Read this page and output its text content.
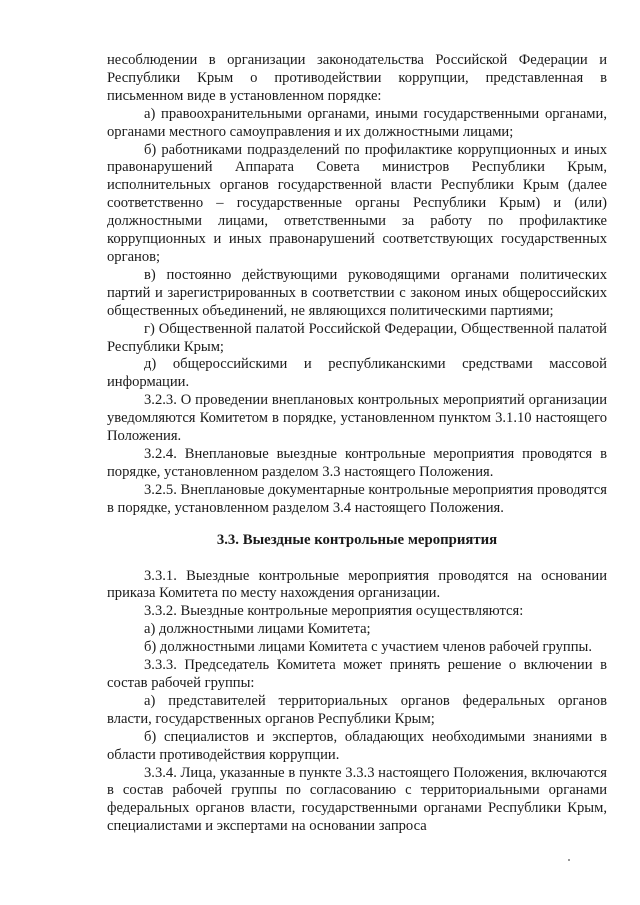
несоблюдении в организации законодательства Российской Федерации и Республики Крым о противодействии коррупции, представленная в письменном виде в установленном порядке:

а) правоохранительными органами, иными государственными органами, органами местного самоуправления и их должностными лицами;

б) работниками подразделений по профилактике коррупционных и иных правонарушений Аппарата Совета министров Республики Крым, исполнительных органов государственной власти Республики Крым (далее соответственно – государственные органы Республики Крым) и (или) должностными лицами, ответственными за работу по профилактике коррупционных и иных правонарушений соответствующих государственных органов;

в) постоянно действующими руководящими органами политических партий и зарегистрированных в соответствии с законом иных общероссийских общественных объединений, не являющихся политическими партиями;

г) Общественной палатой Российской Федерации, Общественной палатой Республики Крым;

д) общероссийскими и республиканскими средствами массовой информации.

3.2.3. О проведении внеплановых контрольных мероприятий организации уведомляются Комитетом в порядке, установленном пунктом 3.1.10 настоящего Положения.

3.2.4. Внеплановые выездные контрольные мероприятия проводятся в порядке, установленном разделом 3.3 настоящего Положения.

3.2.5. Внеплановые документарные контрольные мероприятия проводятся в порядке, установленном разделом 3.4 настоящего Положения.

3.3. Выездные контрольные мероприятия

3.3.1. Выездные контрольные мероприятия проводятся на основании приказа Комитета по месту нахождения организации.

3.3.2. Выездные контрольные мероприятия осуществляются:

а) должностными лицами Комитета;

б) должностными лицами Комитета с участием членов рабочей группы.

3.3.3. Председатель Комитета может принять решение о включении в состав рабочей группы:

а) представителей территориальных органов федеральных органов власти, государственных органов Республики Крым;

б) специалистов и экспертов, обладающих необходимыми знаниями в области противодействия коррупции.

3.3.4. Лица, указанные в пункте 3.3.3 настоящего Положения, включаются в состав рабочей группы по согласованию с территориальными органами федеральных органов власти, государственными органами Республики Крым, специалистами и экспертами на основании запроса
